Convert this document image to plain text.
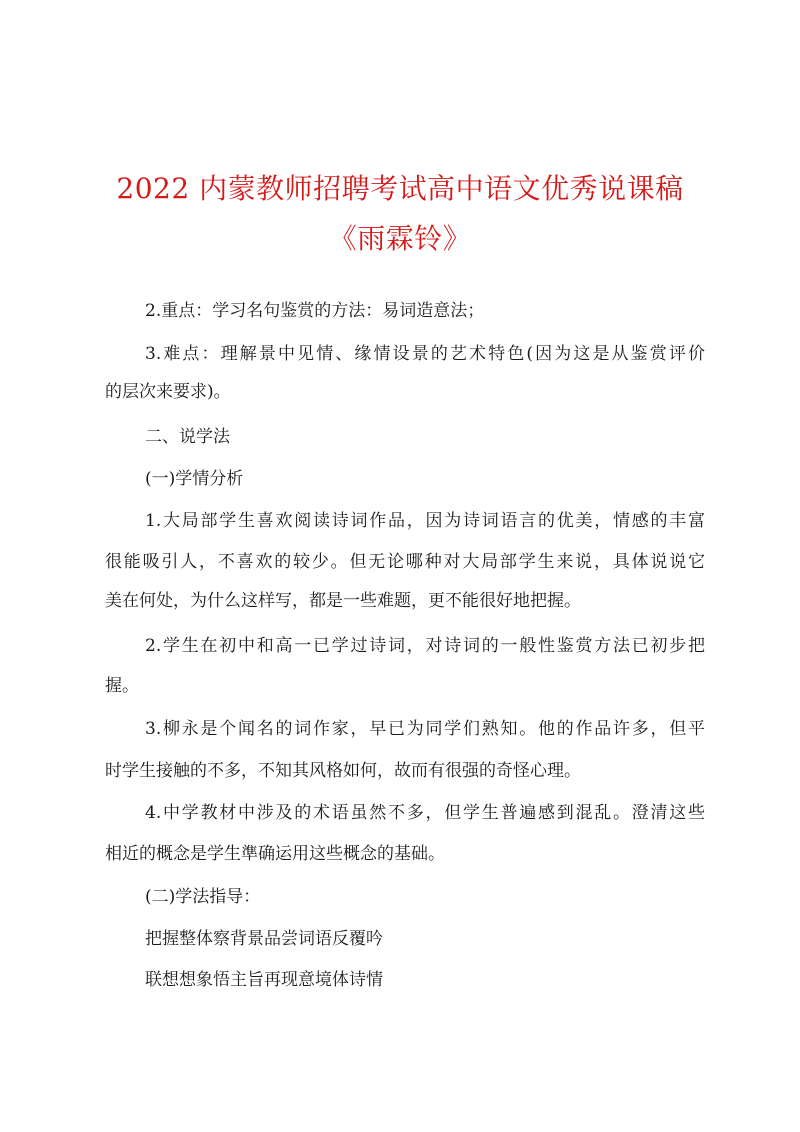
2022 内蒙教师招聘考试高中语文优秀说课稿
《雨霖铃》
2.重点：学习名句鉴赏的方法：易词造意法；
3.难点：理解景中见情、缘情设景的艺术特色(因为这是从鉴赏评价
的层次来要求)。
二、说学法
(一)学情分析
1.大局部学生喜欢阅读诗词作品，因为诗词语言的优美，情感的丰富
很能吸引人，不喜欢的较少。但无论哪种对大局部学生来说，具体说说它
美在何处，为什么这样写，都是一些难题，更不能很好地把握。
2.学生在初中和高一已学过诗词，对诗词的一般性鉴赏方法已初步把
握。
3.柳永是个闻名的词作家，早已为同学们熟知。他的作品许多，但平
时学生接触的不多，不知其风格如何，故而有很强的奇怪心理。
4.中学教材中涉及的术语虽然不多，但学生普遍感到混乱。澄清这些
相近的概念是学生準确运用这些概念的基础。
(二)学法指导：
把握整体察背景品尝词语反覆吟
联想想象悟主旨再现意境体诗情
